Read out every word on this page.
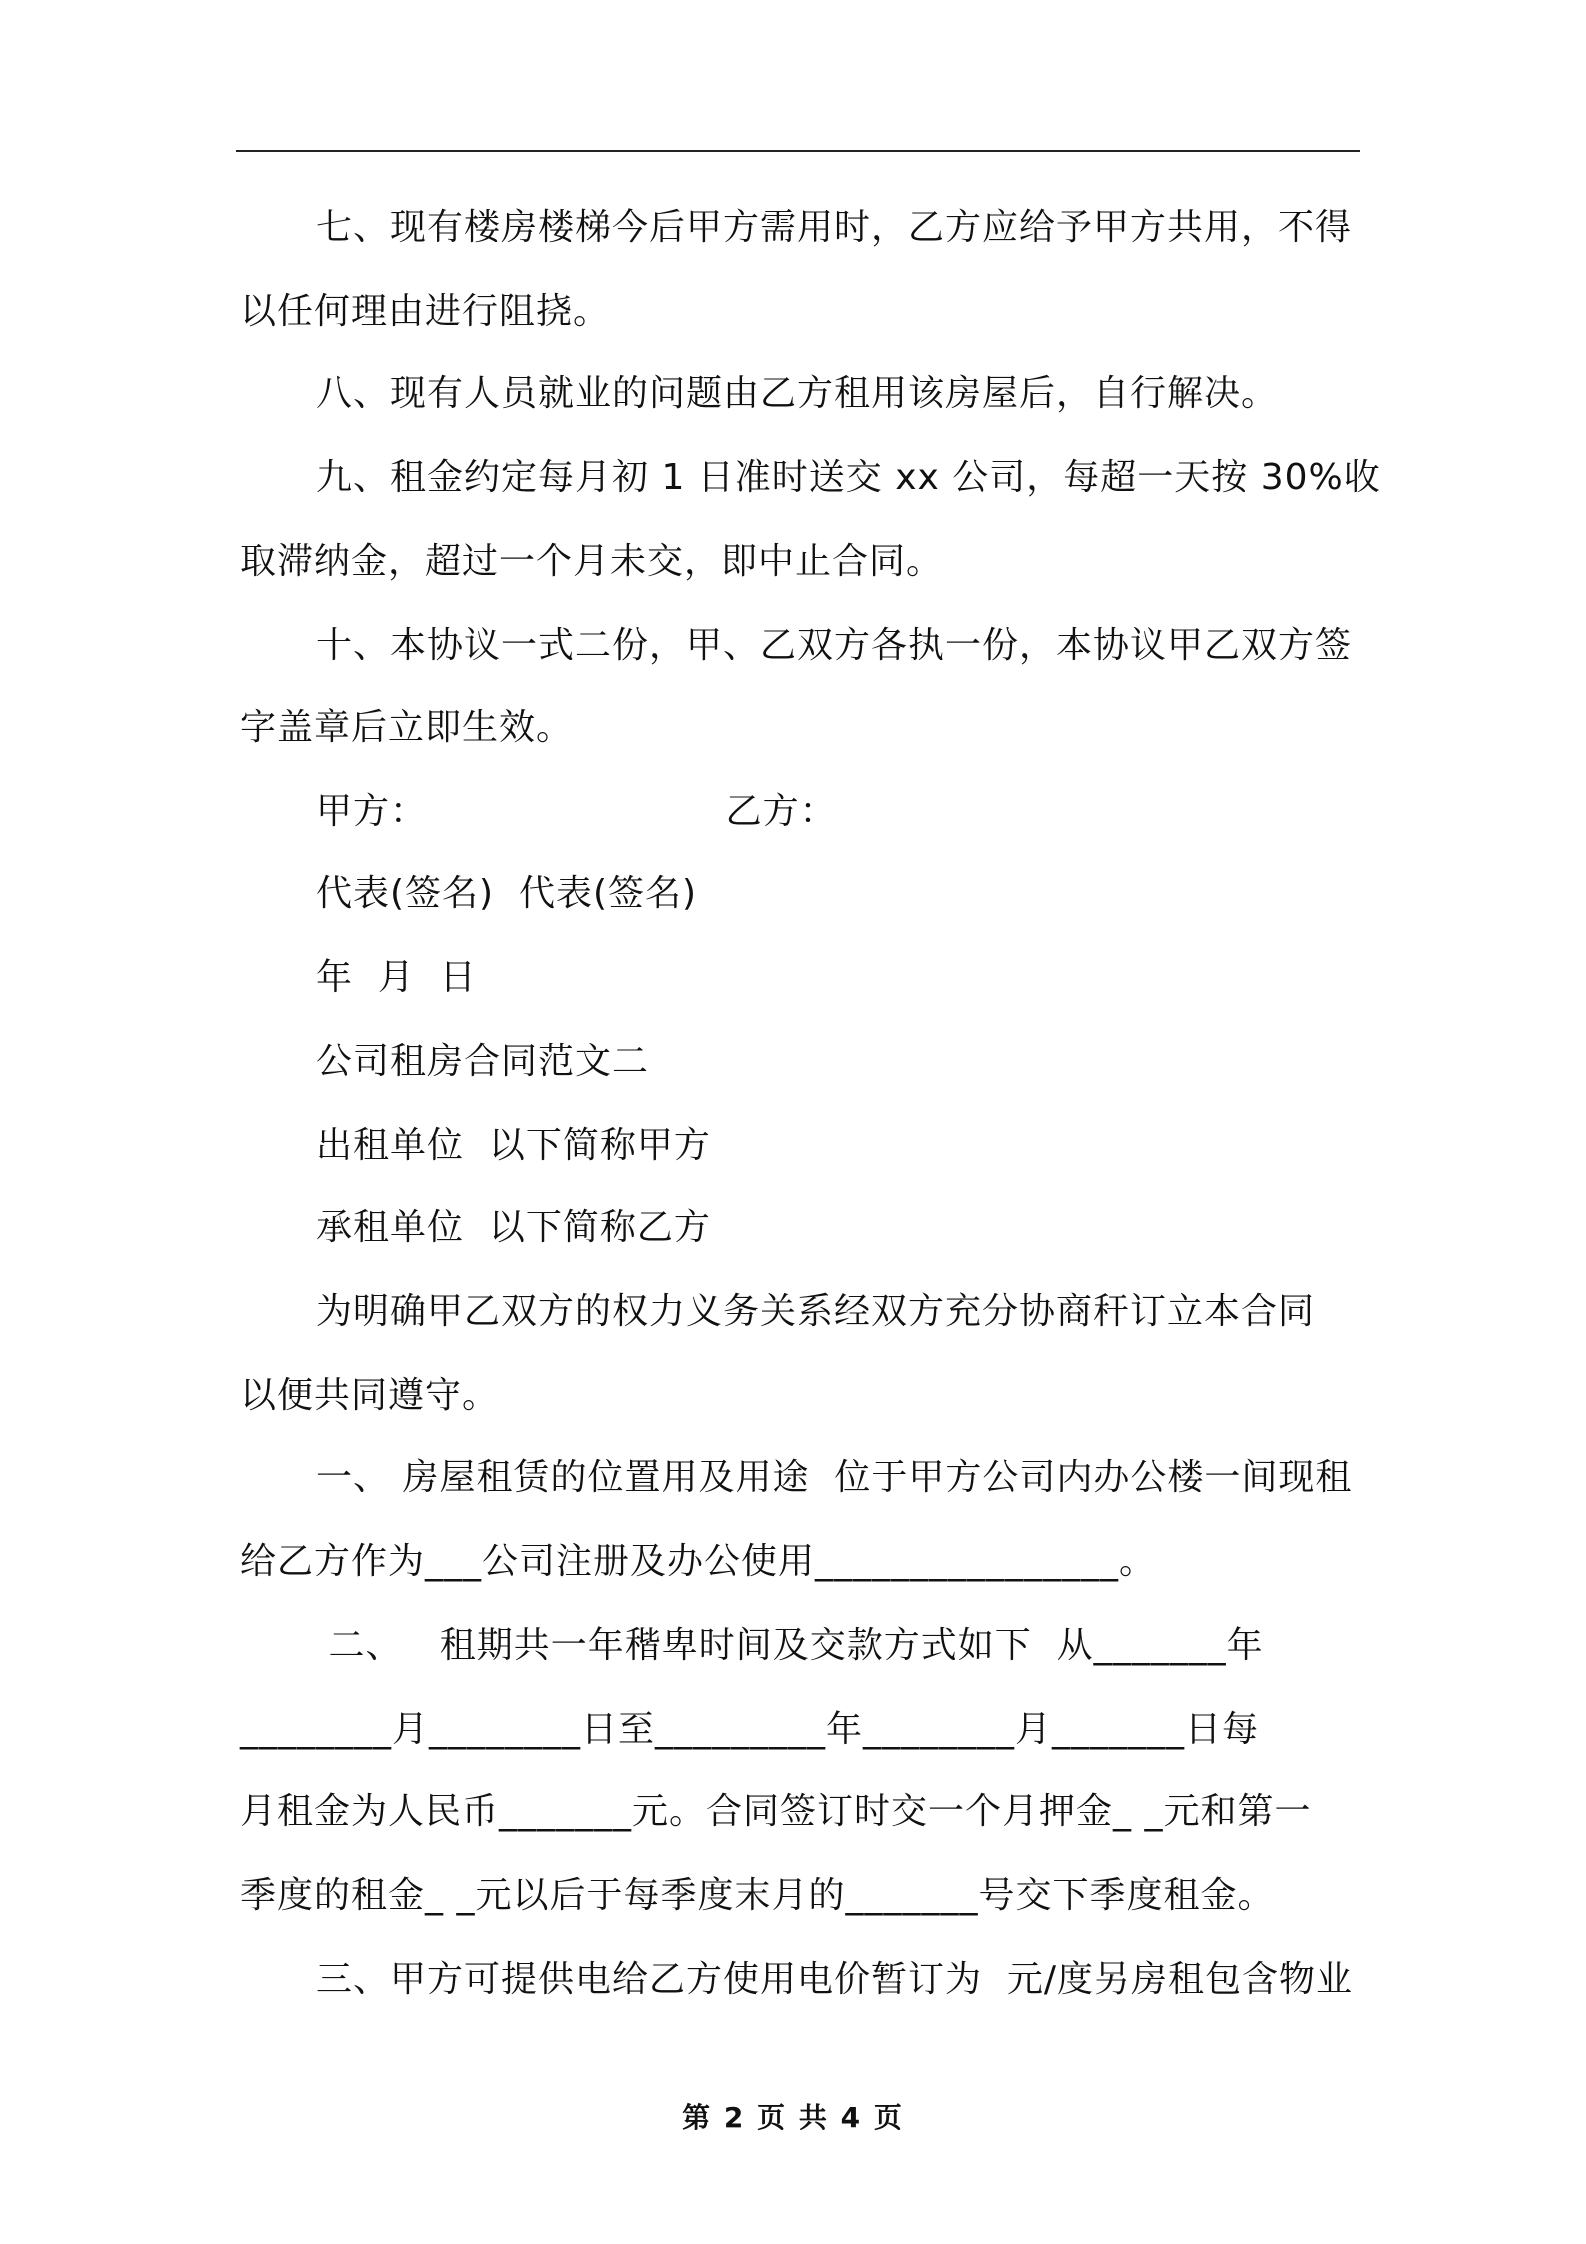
七、现有楼房楼梯今后甲方需用时，乙方应给予甲方共用，不得
以任何理由进行阻挠。
八、现有人员就业的问题由乙方租用该房屋后，自行解决。
九、租金约定每月初 1 日准时送交 xx 公司，每超一天按 30%收
取滞纳金，超过一个月未交，即中止合同。
十、本协议一式二份，甲、乙双方各执一份，本协议甲乙双方签
字盖章后立即生效。
甲方：                        乙方：
代表(签名)  代表(签名)
年  月  日
公司租房合同范文二
出租单位  以下简称甲方
承租单位  以下简称乙方
为明确甲乙双方的权力义务关系经双方充分协商秆订立本合同
以便共同遵守。
一、 房屋租赁的位置用及用途  位于甲方公司内办公楼一间现租
给乙方作为___公司注册及办公使用________________。
二、   租期共一年稭卑时间及交款方式如下  从_______年
________月________日至_________年________月_______日每
月租金为人民币_______元。合同签订时交一个月押金_ _元和第一
季度的租金_ _元以后于每季度末月的_______号交下季度租金。
三、甲方可提供电给乙方使用电价暂订为  元/度另房租包含物业
第 2 页 共 4 页
